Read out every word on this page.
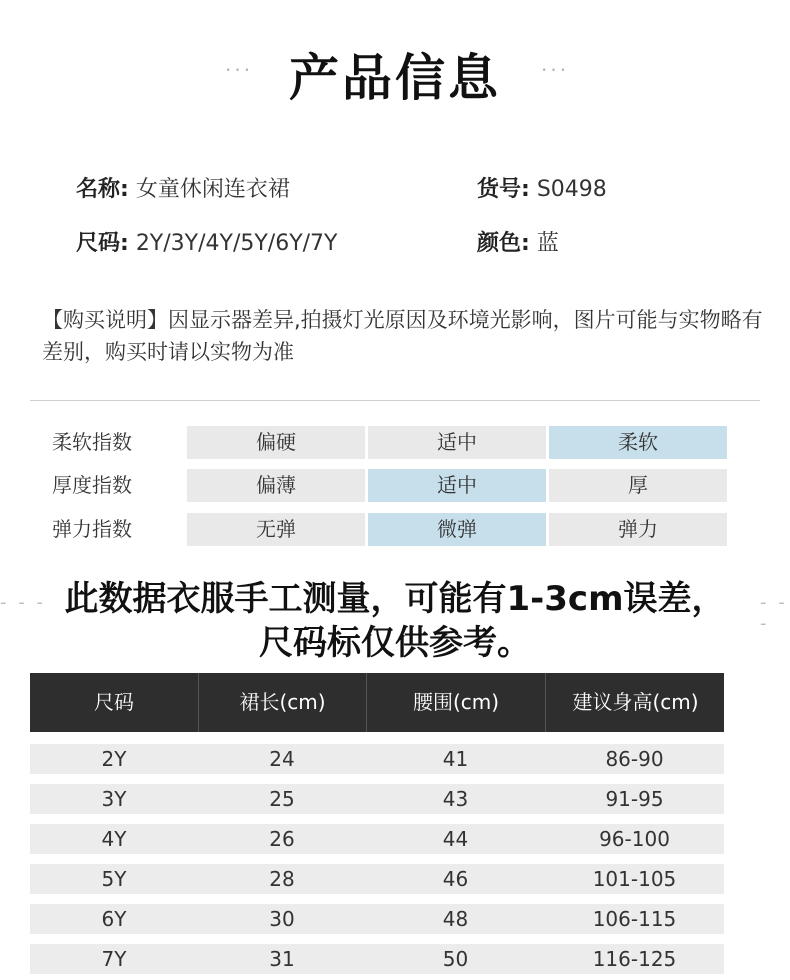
··· 产品信息	···
名称: 女童休闲连衣裙	货号: S0498
尺码: 2Y/3Y/4Y/5Y/6Y/7Y	颜色: 蓝
【购买说明】因显示器差异,拍摄灯光原因及环境光影响，图片可能与实物略有差别，购买时请以实物为准
柔软指数	偏硬	适中	柔软
厚度指数	偏薄	适中	厚
弹力指数	无弹	微弹	弹力
- - - 此数据衣服手工测量，可能有1-3cm误差，
尺码标仅供参考。
- - -
尺码	裙长(cm)	腰围(cm)	建议身高(cm)
2Y	24	41	86-90
3Y	25	43	91-95
4Y	26	44	96-100
5Y	28	46	101-105
6Y	30	48	106-115
7Y	31	50	116-125
